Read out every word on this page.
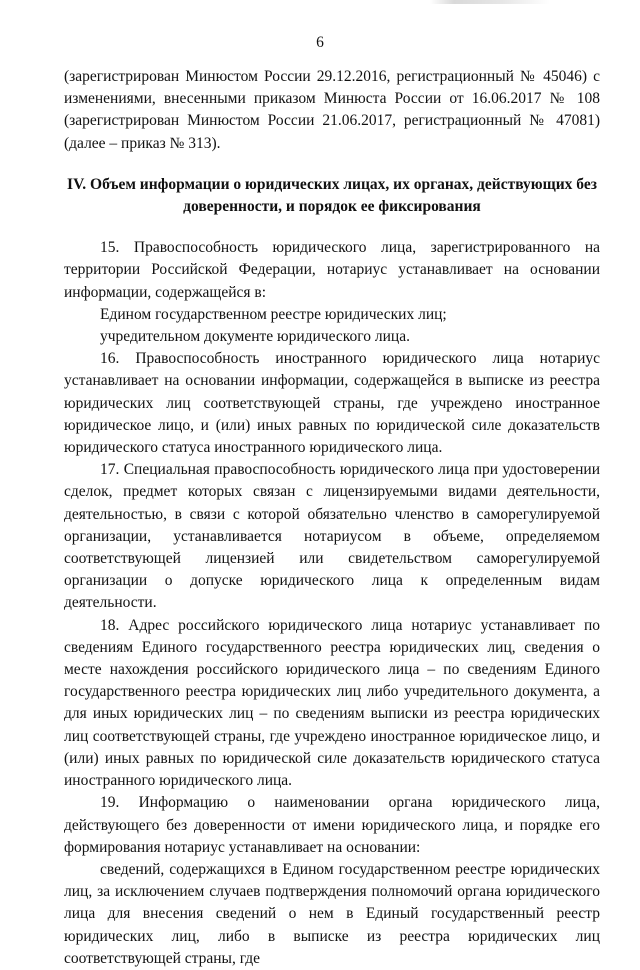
6

(зарегистрирован Минюстом России 29.12.2016, регистрационный № 45046) с изменениями, внесенными приказом Минюста России от 16.06.2017 № 108 (зарегистрирован Минюстом России 21.06.2017, регистрационный № 47081) (далее – приказ № 313).

IV. Объем информации о юридических лицах, их органах, действующих без доверенности, и порядок ее фиксирования

15. Правоспособность юридического лица, зарегистрированного на территории Российской Федерации, нотариус устанавливает на основании информации, содержащейся в:

Едином государственном реестре юридических лиц;

учредительном документе юридического лица.

16. Правоспособность иностранного юридического лица нотариус устанавливает на основании информации, содержащейся в выписке из реестра юридических лиц соответствующей страны, где учреждено иностранное юридическое лицо, и (или) иных равных по юридической силе доказательств юридического статуса иностранного юридического лица.

17. Специальная правоспособность юридического лица при удостоверении сделок, предмет которых связан с лицензируемыми видами деятельности, деятельностью, в связи с которой обязательно членство в саморегулируемой организации, устанавливается нотариусом в объеме, определяемом соответствующей лицензией или свидетельством саморегулируемой организации о допуске юридического лица к определенным видам деятельности.

18. Адрес российского юридического лица нотариус устанавливает по сведениям Единого государственного реестра юридических лиц, сведения о месте нахождения российского юридического лица – по сведениям Единого государственного реестра юридических лиц либо учредительного документа, а для иных юридических лиц – по сведениям выписки из реестра юридических лиц соответствующей страны, где учреждено иностранное юридическое лицо, и (или) иных равных по юридической силе доказательств юридического статуса иностранного юридического лица.

19. Информацию о наименовании органа юридического лица, действующего без доверенности от имени юридического лица, и порядке его формирования нотариус устанавливает на основании:

сведений, содержащихся в Едином государственном реестре юридических лиц, за исключением случаев подтверждения полномочий органа юридического лица для внесения сведений о нем в Единый государственный реестр юридических лиц, либо в выписке из реестра юридических лиц соответствующей страны, где
